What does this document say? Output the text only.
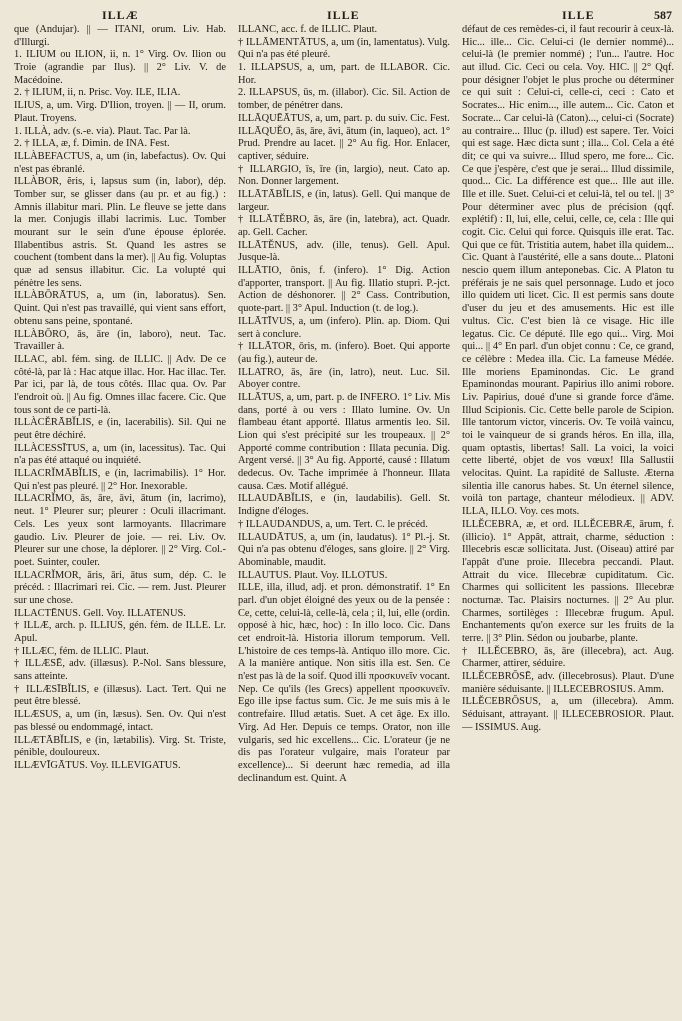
ILLÆ	ILLE	ILLE	587

que (Andujar). || — ITANI, orum. Liv. Hab. d'Illurgi.

1. ILIUM ou ILION, ii, n. 1° Virg. Ov. Ilion ou Troie (agrandie par Ilus). || 2° Liv. V. de Macédoine.

2. † ILIUM, ii, n. Prisc. Voy. ILE, ILIA.

ILIUS, a, um. Virg. D'Ilion, troyen. || — II, orum. Plaut. Troyens.

1. ILLÀ, adv. (s.-e. via). Plaut. Tac. Par là.

2. † ILLA, æ, f. Dimin. de INA. Fest.

ILLÀBEFACTUS, a, um (in, labefactus). Ov. Qui n'est pas ébranlé.

ILLÀBOR, ĕris, i, lapsus sum (in, labor), dép. Tomber sur, se glisser dans (au pr. et au fig.) : Amnis illabitur mari. Plin. Le fleuve se jette dans la mer. Conjugis illabi lacrimis. Luc. Tomber mourant sur le sein d'une épouse éplorée. Illabentibus astris. St. Quand les astres se couchent (tombent dans la mer). || Au fig. Voluptas quæ ad sensus illabitur. Cic. La volupté qui pénètre les sens.

ILLÀBŌRĀTUS, a, um (in, laboratus). Sen. Quint. Qui n'est pas travaillé, qui vient sans effort, obtenu sans peine, spontané.

ILLÀBŌRO, ās, āre (in, laboro), neut. Tac. Travailler à.

ILLAC, abl. fém. sing. de ILLIC. || Adv. De ce côté-là, par là : Hac atque illac. Hor. Hac illac. Ter. Par ici, par là, de tous côtés. Illac qua. Ov. Par l'endroit où. || Au fig. Omnes illac facere. Cic. Que tous sont de ce parti-là.

ILLÀCĔRĀBĬLIS, e (in, lacerabilis). Sil. Qui ne peut être déchiré.

ILLÀCESSĪTUS, a, um (in, lacessitus). Tac. Qui n'a pas été attaqué ou inquiété.

ILLACRĬMĀBĬLIS, e (in, lacrimabilis). 1° Hor. Qui n'est pas pleuré. || 2° Hor. Inexorable.

ILLACRĬMO, ās, āre, āvi, ātum (in, lacrimo), neut. 1° Pleurer sur; pleurer : Oculi illacrimant. Cels. Les yeux sont larmoyants. Illacrimare gaudio. Liv. Pleurer de joie. — rei. Liv. Ov. Pleurer sur une chose, la déplorer. || 2° Virg. Col.-poet. Suinter, couler.

ILLACRĬMOR, āris, āri, ātus sum, dép. C. le précéd. : Illacrimari rei. Cic. — rem. Just. Pleurer sur une chose.

ILLACTĒNUS. Gell. Voy. ILLATENUS.

† ILLÆ, arch. p. ILLIUS, gén. fém. de ILLE. Lr. Apul.

† ILLÆC, fém. de ILLIC. Plaut.

† ILLÆSĒ, adv. (illæsus). P.-Nol. Sans blessure, sans atteinte.

† ILLÆSĪBĬLIS, e (illæsus). Lact. Tert. Qui ne peut être blessé.

ILLÆSUS, a, um (in, læsus). Sen. Ov. Qui n'est pas blessé ou endommagé, intact.

ILLÆTĀBĬLIS, e (in, lætabilis). Virg. St. Triste, pénible, douloureux.

ILLÆVĪGĀTUS. Voy. ILLEVIGATUS.

ILLANC, acc. f. de ILLIC. Plaut.

† ILLĀMENTĀTUS, a, um (in, lamentatus). Vulg. Qui n'a pas été pleuré.

1. ILLAPSUS, a, um, part. de ILLABOR. Cic. Hor.

2. ILLAPSUS, ūs, m. (illabor). Cic. Sil. Action de tomber, de pénétrer dans.

ILLĀQUĒĀTUS, a, um, part. p. du suiv. Cic. Fest.

ILLĀQUĔO, ās, āre, āvi, ātum (in, laqueo), act. 1° Prud. Prendre au lacet. || 2° Au fig. Hor. Enlacer, captiver, séduire.

† ILLARGIO, īs, īre (in, largio), neut. Cato ap. Non. Donner largement.

ILLĀTĀBĬLIS, e (in, latus). Gell. Qui manque de largeur.

† ILLĀTĔBRO, ās, āre (in, latebra), act. Quadr. ap. Gell. Cacher.

ILLĀTĔNUS, adv. (ille, tenus). Gell. Apul. Jusque-là.

ILLĀTIO, ōnis, f. (infero). 1° Dig. Action d'apporter, transport. || Au fig. Illatio stupri. P.-jct. Action de déshonorer. || 2° Cass. Contribution, quote-part. || 3° Apul. Induction (t. de log.).

ILLĀTĪVUS, a, um (infero). Plin. ap. Diom. Qui sert à conclure.

† ILLĀTOR, ōris, m. (infero). Boet. Qui apporte (au fig.), auteur de.

ILLATRO, ās, āre (in, latro), neut. Luc. Sil. Aboyer contre.

ILLĀTUS, a, um, part. p. de INFERO. 1° Liv. Mis dans, porté à ou vers : Illato lumine. Ov. Un flambeau étant apporté. Illatus armentis leo. Sil. Lion qui s'est précipité sur les troupeaux. || 2° Apporté comme contribution : Illata pecunia. Dig. Argent versé. || 3° Au fig. Apporté, causé : Illatum dedecus. Ov. Tache imprimée à l'honneur. Illata causa. Cæs. Motif allégué.

ILLAUDĀBĬLIS, e (in, laudabilis). Gell. St. Indigne d'éloges.

† ILLAUDANDUS, a, um. Tert. C. le précéd.

ILLAUDĀTUS, a, um (in, laudatus). 1° Pl.-j. St. Qui n'a pas obtenu d'éloges, sans gloire. || 2° Virg. Abominable, maudit.

ILLAUTUS. Plaut. Voy. ILLOTUS.

ILLE, illa, illud, adj. et pron. démonstratif. 1° En parl. d'un objet éloigné des yeux ou de la pensée : Ce, cette, celui-là, celle-là, cela ; il, lui, elle (ordin. opposé à hic, hæc, hoc) : In illo loco. Cic. Dans cet endroit-là. Historia illorum temporum. Vell. L'histoire de ces temps-là. Antiquo illo more. Cic. A la manière antique. Non sitis illa est. Sen. Ce n'est pas là de la soif. Quod illi προσκυνεῖν vocant. Nep. Ce qu'ils (les Grecs) appellent προσκυνεῖν. Ego ille ipse factus sum. Cic. Je me suis mis à le contrefaire. Illud ætatis. Suet. A cet âge. Ex illo. Virg. Ad Her. Depuis ce temps. Orator, non ille vulgaris, sed hic excellens... Cic. L'orateur (je ne dis pas l'orateur vulgaire, mais l'orateur par excellence)... Si deerunt hæc remedia, ad illa declinandum est. Quint. A

défaut de ces remèdes-ci, il faut recourir à ceux-là. Hic... ille... Cic. Celui-ci (le dernier nommé)... celui-là (le premier nommé) ; l'un... l'autre. Hoc aut illud. Cic. Ceci ou cela. Voy. HIC. || 2° Qqf. pour désigner l'objet le plus proche ou déterminer ce qui suit : Celui-ci, celle-ci, ceci : Cato et Socrates... Hic enim..., ille autem... Cic. Caton et Socrate... Car celui-là (Caton)..., celui-ci (Socrate) au contraire... Illuc (p. illud) est sapere. Ter. Voici qui est sage. Hæc dicta sunt ; illa... Col. Cela a été dit; ce qui va suivre... Illud spero, me fore... Cic. Ce que j'espère, c'est que je serai... Illud dissimile, quod... Cic. La différence est que... Ille aut ille. Ille et ille. Suet. Celui-ci et celui-là, tel ou tel. || 3° Pour déterminer avec plus de précision (qqf. explétif) : Il, lui, elle, celui, celle, ce, cela : Ille qui cogit. Cic. Celui qui force. Quisquis ille erat. Tac. Qui que ce fût. Tristitia autem, habet illa quidem... Cic. Quant à l'austérité, elle a sans doute... Platoni nescio quem illum anteponebas. Cic. A Platon tu préférais je ne sais quel personnage. Ludo et joco illo quidem uti licet. Cic. Il est permis sans doute d'user du jeu et des amusements. Hic est ille vultus. Cic. C'est bien là ce visage. Hic ille legatus. Cic. Ce député. Ille ego qui... Virg. Moi qui... || 4° En parl. d'un objet connu : Ce, ce grand, ce célèbre : Medea illa. Cic. La fameuse Médée. Ille moriens Epaminondas. Cic. Le grand Epaminondas mourant. Papirius illo animi robore. Liv. Papirius, doué d'une si grande force d'âme. Illud Scipionis. Cic. Cette belle parole de Scipion. Ille tantorum victor, vinceris. Ov. Te voilà vaincu, toi le vainqueur de si grands héros. En illa, illa, quam optastis, libertas! Sall. La voici, la voici cette liberté, objet de vos vœux! Illa Sallustii velocitas. Quint. La rapidité de Salluste. Æterna silentia ille canorus habes. St. Un éternel silence, voilà ton partage, chanteur mélodieux. || ADV. ILLA, ILLO. Voy. ces mots.

ILLĔCEBRA, æ, et ord. ILLĔCEBRÆ, ārum, f. (illicio). 1° Appât, attrait, charme, séduction : Illecebris escæ sollicitata. Just. (Oiseau) attiré par l'appât d'une proie. Illecebra peccandi. Plaut. Attrait du vice. Illecebræ cupiditatum. Cic. Charmes qui sollicitent les passions. Illecebræ nocturnæ. Tac. Plaisirs nocturnes. || 2° Au plur. Charmes, sortilèges : Illecebræ frugum. Apul. Enchantements qu'on exerce sur les fruits de la terre. || 3° Plin. Sédon ou joubarbe, plante.

† ILLĔCEBRO, ās, āre (illecebra), act. Aug. Charmer, attirer, séduire.

ILLĔCEBRŌSĒ, adv. (illecebrosus). Plaut. D'une manière séduisante. || ILLECEBROSIUS. Amm.

ILLĔCEBRŌSUS, a, um (illecebra). Amm. Séduisant, attrayant. || ILLECEBROSIOR. Plaut. — ISSIMUS. Aug.
